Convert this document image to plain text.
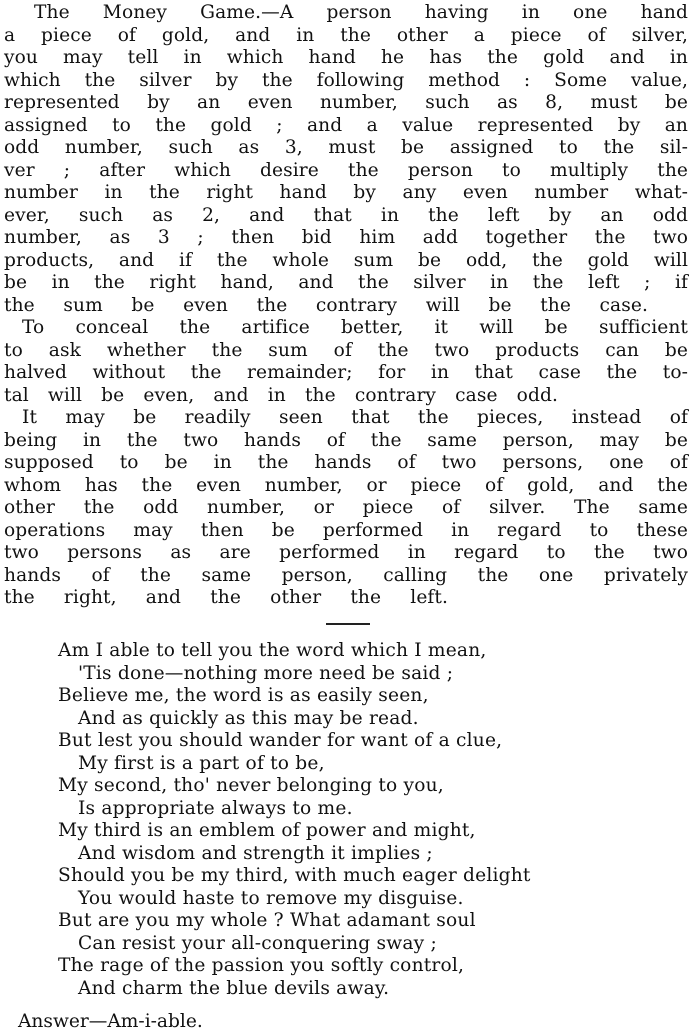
The Money Game.—A person having in one hand
a piece of gold, and in the other a piece of silver,
you may tell in which hand he has the gold and in
which the silver by the following method : Some value,
represented by an even number, such as 8, must be
assigned to the gold ; and a value represented by an
odd number, such as 3, must be assigned to the sil-
ver ; after which desire the person to multiply the
number in the right hand by any even number what-
ever, such as 2, and that in the left by an odd
number, as 3 ; then bid him add together the two
products, and if the whole sum be odd, the gold will
be in the right hand, and the silver in the left ; if
the sum be even the contrary will be the case.
To conceal the artifice better, it will be sufficient
to ask whether the sum of the two products can be
halved without the remainder; for in that case the to-
tal will be even, and in the contrary case odd.
It may be readily seen that the pieces, instead of
being in the two hands of the same person, may be
supposed to be in the hands of two persons, one of
whom has the even number, or piece of gold, and the
other the odd number, or piece of silver. The same
operations may then be performed in regard to these
two persons as are performed in regard to the two
hands of the same person, calling the one privately
the right, and the other the left.
Am I able to tell you the word which I mean,
'Tis done—nothing more need be said ;
Believe me, the word is as easily seen,
And as quickly as this may be read.
But lest you should wander for want of a clue,
My first is a part of to be,
My second, tho' never belonging to you,
Is appropriate always to me.
My third is an emblem of power and might,
And wisdom and strength it implies ;
Should you be my third, with much eager delight
You would haste to remove my disguise.
But are you my whole ? What adamant soul
Can resist your all-conquering sway ;
The rage of the passion you softly control,
And charm the blue devils away.
Answer—Am-i-able.
